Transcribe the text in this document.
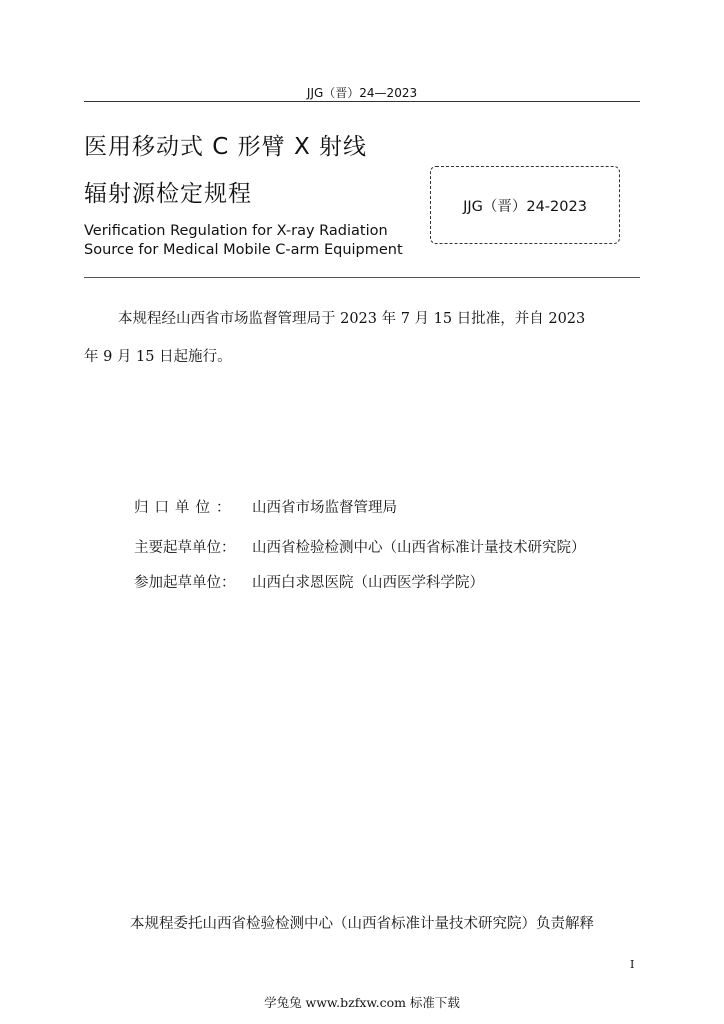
JJG（晋）24—2023
医用移动式 C 形臂 X 射线
辐射源检定规程
Verification Regulation for X-ray Radiation
Source for Medical Mobile C-arm Equipment
JJG（晋）24-2023
本规程经山西省市场监督管理局于 2023 年 7 月 15 日批准，并自 2023
年 9 月 15 日起施行。
归口单位： 山西省市场监督管理局
主要起草单位： 山西省检验检测中心（山西省标准计量技术研究院）
参加起草单位： 山西白求恩医院（山西医学科学院）
本规程委托山西省检验检测中心（山西省标准计量技术研究院）负责解释
I
学兔兔 www.bzfxw.com 标准下载
